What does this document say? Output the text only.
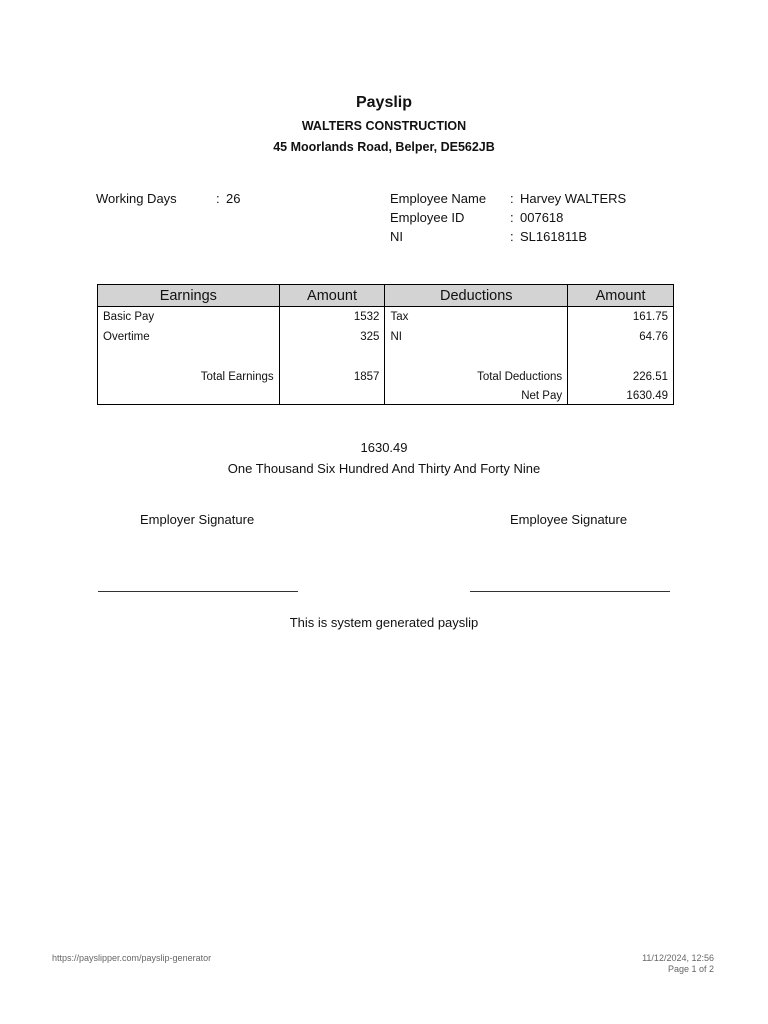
Payslip
WALTERS CONSTRUCTION
45 Moorlands Road, Belper, DE562JB
Working Days	: 26	Employee Name : Harvey WALTERS
Employee ID	: 007618
NI	: SL161811B
Earnings	Amount	Deductions	Amount
Basic Pay	1532	Tax	161.75
Overtime	325	NI	64.76

Total Earnings	1857	Total Deductions	226.51
		Net Pay	1630.49
1630.49
One Thousand Six Hundred And Thirty And Forty Nine
Employer Signature	Employee Signature
This is system generated payslip
https://payslipper.com/payslip-generator	11/12/2024, 12:56
Page 1 of 2
